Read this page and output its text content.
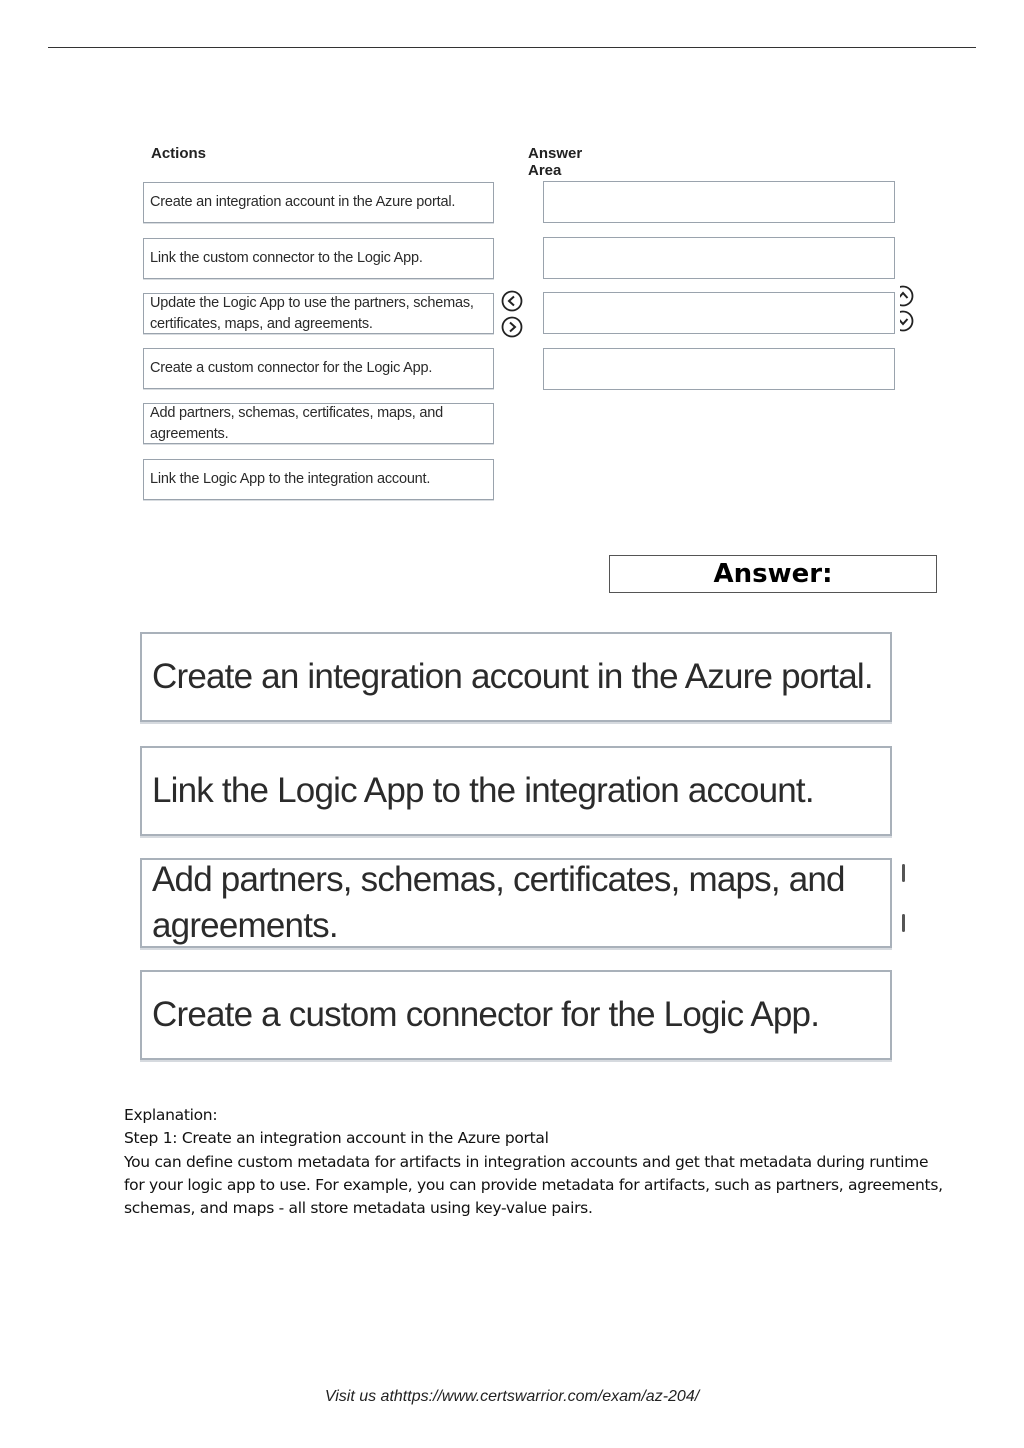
Actions	Answer Area
Create an integration account in the Azure portal.
Link the custom connector to the Logic App.
Update the Logic App to use the partners, schemas, certificates, maps, and agreements.
Create a custom connector for the Logic App.
Add partners, schemas, certificates, maps, and agreements.
Link the Logic App to the integration account.
Answer:
Create an integration account in the Azure portal.
Link the Logic App to the integration account.
Add partners, schemas, certificates, maps, and agreements.
Create a custom connector for the Logic App.

Explanation:

Step 1: Create an integration account in the Azure portal

You can define custom metadata for artifacts in integration accounts and get that metadata during runtime for your logic app to use. For example, you can provide metadata for artifacts, such as partners, agreements, schemas, and maps - all store metadata using key-value pairs.

Visit us athttps://www.certswarrior.com/exam/az-204/
